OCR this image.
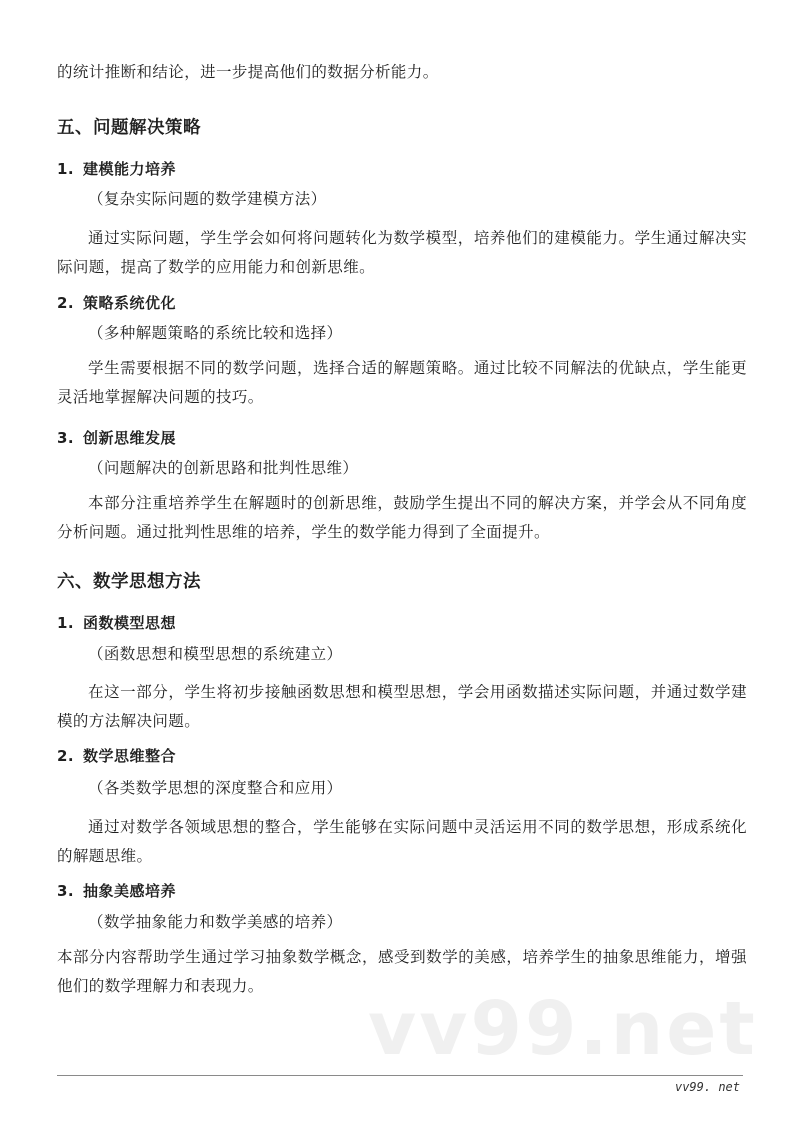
的统计推断和结论，进一步提高他们的数据分析能力。

五、问题解决策略
1. 建模能力培养

（复杂实际问题的数学建模方法）

通过实际问题，学生学会如何将问题转化为数学模型，培养他们的建模能力。学生通过解决实际问题，提高了数学的应用能力和创新思维。

2. 策略系统优化

（多种解题策略的系统比较和选择）

学生需要根据不同的数学问题，选择合适的解题策略。通过比较不同解法的优缺点，学生能更灵活地掌握解决问题的技巧。

3. 创新思维发展

（问题解决的创新思路和批判性思维）

本部分注重培养学生在解题时的创新思维，鼓励学生提出不同的解决方案，并学会从不同角度分析问题。通过批判性思维的培养，学生的数学能力得到了全面提升。

六、数学思想方法
1. 函数模型思想

（函数思想和模型思想的系统建立）

在这一部分，学生将初步接触函数思想和模型思想，学会用函数描述实际问题，并通过数学建模的方法解决问题。

2. 数学思维整合

（各类数学思想的深度整合和应用）

通过对数学各领域思想的整合，学生能够在实际问题中灵活运用不同的数学思想，形成系统化的解题思维。

3. 抽象美感培养

（数学抽象能力和数学美感的培养）

本部分内容帮助学生通过学习抽象数学概念，感受到数学的美感，培养学生的抽象思维能力，增强他们的数学理解力和表现力。	vv99.net
vv99. net
